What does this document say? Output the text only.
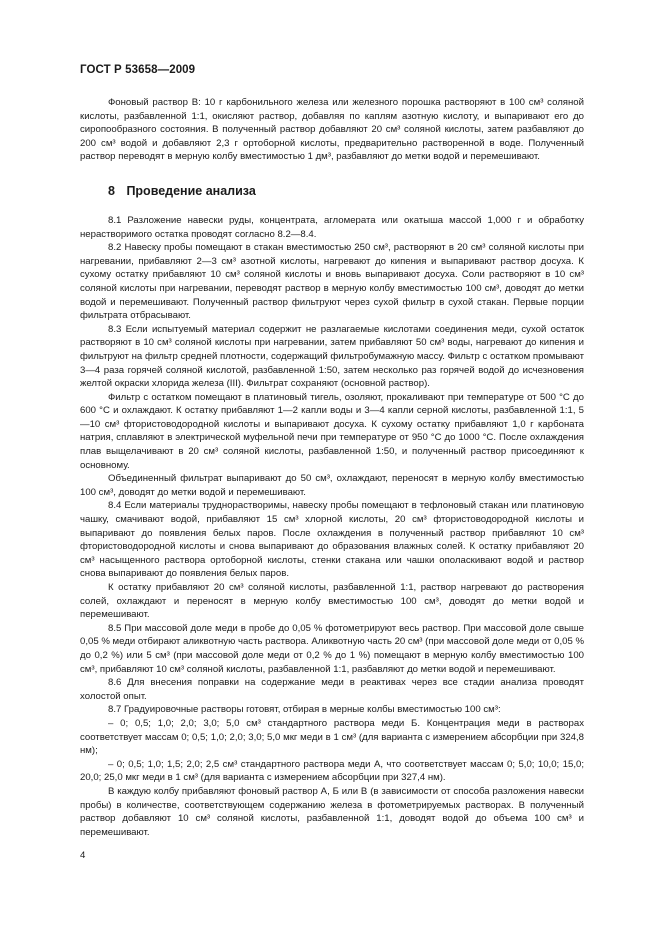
ГОСТ Р 53658—2009

Фоновый раствор В: 10 г карбонильного железа или железного порошка растворяют в 100 см³ соляной кислоты, разбавленной 1:1, окисляют раствор, добавляя по каплям азотную кислоту, и выпаривают его до сиропообразного состояния. В полученный раствор добавляют 20 см³ соляной кислоты, затем разбавляют до 200 см³ водой и добавляют 2,3 г ортоборной кислоты, предварительно растворенной в воде. Полученный раствор переводят в мерную колбу вместимостью 1 дм³, разбавляют до метки водой и перемешивают.

8 Проведение анализа

8.1 Разложение навески руды, концентрата, агломерата или окатыша массой 1,000 г и обработку нерастворимого остатка проводят согласно 8.2—8.4.

8.2 Навеску пробы помещают в стакан вместимостью 250 см³, растворяют в 20 см³ соляной кислоты при нагревании, прибавляют 2—3 см³ азотной кислоты, нагревают до кипения и выпаривают раствор досуха. К сухому остатку прибавляют 10 см³ соляной кислоты и вновь выпаривают досуха. Соли растворяют в 10 см³ соляной кислоты при нагревании, переводят раствор в мерную колбу вместимостью 100 см³, доводят до метки водой и перемешивают. Полученный раствор фильтруют через сухой фильтр в сухой стакан. Первые порции фильтрата отбрасывают.

8.3 Если испытуемый материал содержит не разлагаемые кислотами соединения меди, сухой остаток растворяют в 10 см³ соляной кислоты при нагревании, затем прибавляют 50 см³ воды, нагревают до кипения и фильтруют на фильтр средней плотности, содержащий фильтробумажную массу. Фильтр с остатком промывают 3—4 раза горячей соляной кислотой, разбавленной 1:50, затем несколько раз горячей водой до исчезновения желтой окраски хлорида железа (III). Фильтрат сохраняют (основной раствор).

Фильтр с остатком помещают в платиновый тигель, озоляют, прокаливают при температуре от 500 °С до 600 °С и охлаждают. К остатку прибавляют 1—2 капли воды и 3—4 капли серной кислоты, разбавленной 1:1, 5—10 см³ фтористоводородной кислоты и выпаривают досуха. К сухому остатку прибавляют 1,0 г карбоната натрия, сплавляют в электрической муфельной печи при температуре от 950 °С до 1000 °С. После охлаждения плав выщелачивают в 20 см³ соляной кислоты, разбавленной 1:50, и полученный раствор присоединяют к основному.

Объединенный фильтрат выпаривают до 50 см³, охлаждают, переносят в мерную колбу вместимостью 100 см³, доводят до метки водой и перемешивают.

8.4 Если материалы труднорастворимы, навеску пробы помещают в тефлоновый стакан или платиновую чашку, смачивают водой, прибавляют 15 см³ хлорной кислоты, 20 см³ фтористоводородной кислоты и выпаривают до появления белых паров. После охлаждения в полученный раствор прибавляют 10 см³ фтористоводородной кислоты и снова выпаривают до образования влажных солей. К остатку прибавляют 20 см³ насыщенного раствора ортоборной кислоты, стенки стакана или чашки ополаскивают водой и раствор снова выпаривают до появления белых паров.

К остатку прибавляют 20 см³ соляной кислоты, разбавленной 1:1, раствор нагревают до растворения солей, охлаждают и переносят в мерную колбу вместимостью 100 см³, доводят до метки водой и перемешивают.

8.5 При массовой доле меди в пробе до 0,05 % фотометрируют весь раствор. При массовой доле свыше 0,05 % меди отбирают аликвотную часть раствора. Аликвотную часть 20 см³ (при массовой доле меди от 0,05 % до 0,2 %) или 5 см³ (при массовой доле меди от 0,2 % до 1 %) помещают в мерную колбу вместимостью 100 см³, прибавляют 10 см³ соляной кислоты, разбавленной 1:1, разбавляют до метки водой и перемешивают.

8.6 Для внесения поправки на содержание меди в реактивах через все стадии анализа проводят холостой опыт.

8.7 Градуировочные растворы готовят, отбирая в мерные колбы вместимостью 100 см³:

– 0; 0,5; 1,0; 2,0; 3,0; 5,0 см³ стандартного раствора меди Б. Концентрация меди в растворах соответствует массам 0; 0,5; 1,0; 2,0; 3,0; 5,0 мкг меди в 1 см³ (для варианта с измерением абсорбции при 324,8 нм);

– 0; 0,5; 1,0; 1,5; 2,0; 2,5 см³ стандартного раствора меди А, что соответствует массам 0; 5,0; 10,0; 15,0; 20,0; 25,0 мкг меди в 1 см³ (для варианта с измерением абсорбции при 327,4 нм).

В каждую колбу прибавляют фоновый раствор А, Б или В (в зависимости от способа разложения навески пробы) в количестве, соответствующем содержанию железа в фотометрируемых растворах. В полученный раствор добавляют 10 см³ соляной кислоты, разбавленной 1:1, доводят водой до объема 100 см³ и перемешивают.

4
